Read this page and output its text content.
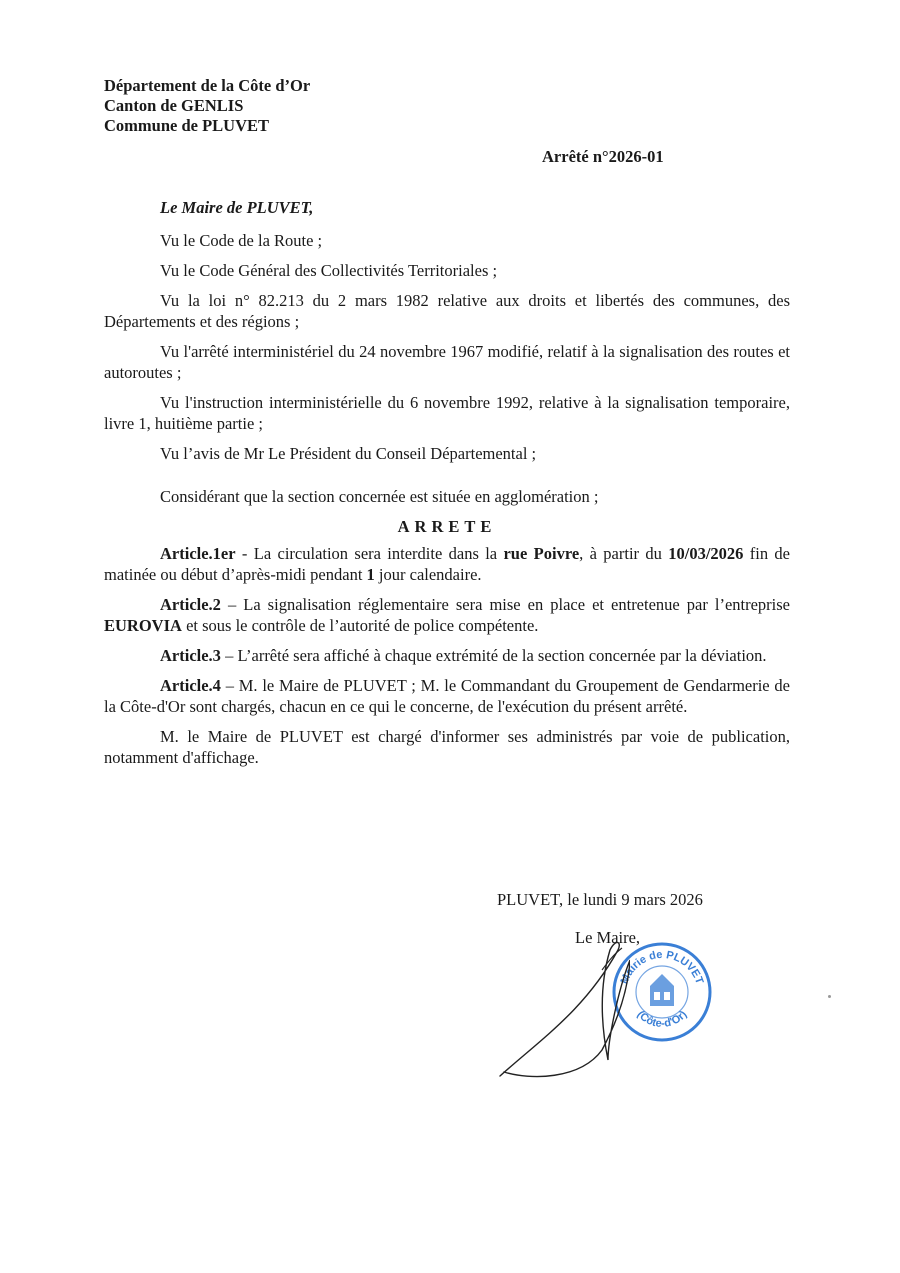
Département de la Côte d’Or
Canton de GENLIS
Commune de PLUVET
Arrêté n°2026-01

Le Maire de PLUVET,

Vu le Code de la Route ;

Vu le Code Général des Collectivités Territoriales ;

Vu la loi n° 82.213 du 2 mars 1982 relative aux droits et libertés des communes, des Départements et des régions ;

Vu l'arrêté interministériel du 24 novembre 1967 modifié, relatif à la signalisation des routes et autoroutes ;

Vu l'instruction interministérielle du 6 novembre 1992, relative à la signalisation temporaire, livre 1, huitième partie ;

Vu l’avis de Mr Le Président du Conseil Départemental ;

Considérant que la section concernée est située en agglomération ;

ARRETE

Article.1er - La circulation sera interdite dans la rue Poivre, à partir du 10/03/2026 fin de matinée ou début d’après-midi pendant 1 jour calendaire.

Article.2 – La signalisation réglementaire sera mise en place et entretenue par l’entreprise EUROVIA et sous le contrôle de l’autorité de police compétente.

Article.3 – L’arrêté sera affiché à chaque extrémité de la section concernée par la déviation.

Article.4 – M. le Maire de PLUVET ; M. le Commandant du Groupement de Gendarmerie de la Côte-d'Or sont chargés, chacun en ce qui le concerne, de l'exécution du présent arrêté.

M. le Maire de PLUVET est chargé d'informer ses administrés par voie de publication, notamment d'affichage.

PLUVET, le lundi 9 mars 2026
Le Maire,
Mairie de PLUVET
(Côte-d'Or)
